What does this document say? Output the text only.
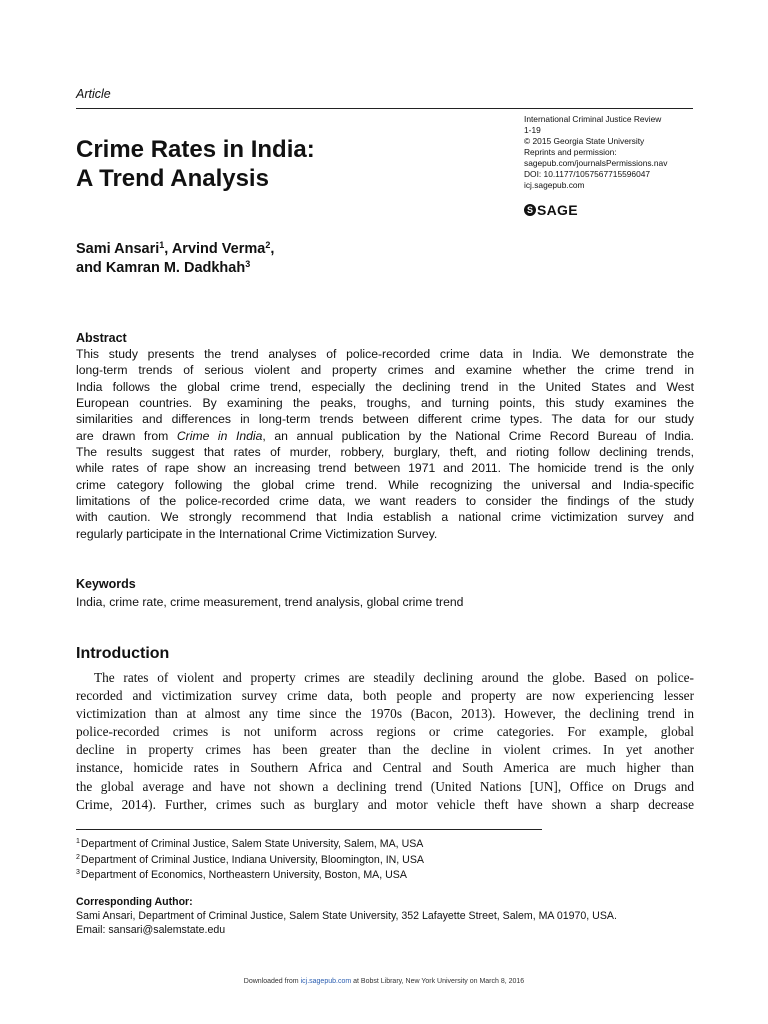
Article
Crime Rates in India:
A Trend Analysis
International Criminal Justice Review
1-19
© 2015 Georgia State University
Reprints and permission:
sagepub.com/journalsPermissions.nav
DOI: 10.1177/1057567715596047
icj.sagepub.com
S SAGE
Sami Ansari$^1$, Arvind Verma$^2$,
and Kamran M. Dadkhah$^3$
Abstract
This study presents the trend analyses of police-recorded crime data in India. We demonstrate the
long-term trends of serious violent and property crimes and examine whether the crime trend in
India follows the global crime trend, especially the declining trend in the United States and West
European countries. By examining the peaks, troughs, and turning points, this study examines the
similarities and differences in long-term trends between different crime types. The data for our study
are drawn from Crime in India, an annual publication by the National Crime Record Bureau of India.
The results suggest that rates of murder, robbery, burglary, theft, and rioting follow declining trends,
while rates of rape show an increasing trend between 1971 and 2011. The homicide trend is the only
crime category following the global crime trend. While recognizing the universal and India-specific
limitations of the police-recorded crime data, we want readers to consider the findings of the study
with caution. We strongly recommend that India establish a national crime victimization survey and
regularly participate in the International Crime Victimization Survey.
Keywords
India, crime rate, crime measurement, trend analysis, global crime trend
Introduction
The rates of violent and property crimes are steadily declining around the globe. Based on police-
recorded and victimization survey crime data, both people and property are now experiencing lesser
victimization than at almost any time since the 1970s (Bacon, 2013). However, the declining trend in
police-recorded crimes is not uniform across regions or crime categories. For example, global
decline in property crimes has been greater than the decline in violent crimes. In yet another
instance, homicide rates in Southern Africa and Central and South America are much higher than
the global average and have not shown a declining trend (United Nations [UN], Office on Drugs and
Crime, 2014). Further, crimes such as burglary and motor vehicle theft have shown a sharp decrease
$^1$Department of Criminal Justice, Salem State University, Salem, MA, USA
$^2$Department of Criminal Justice, Indiana University, Bloomington, IN, USA
$^3$Department of Economics, Northeastern University, Boston, MA, USA
Corresponding Author:
Sami Ansari, Department of Criminal Justice, Salem State University, 352 Lafayette Street, Salem, MA 01970, USA.
Email: sansari@salemstate.edu
Downloaded from icj.sagepub.com at Bobst Library, New York University on March 8, 2016
